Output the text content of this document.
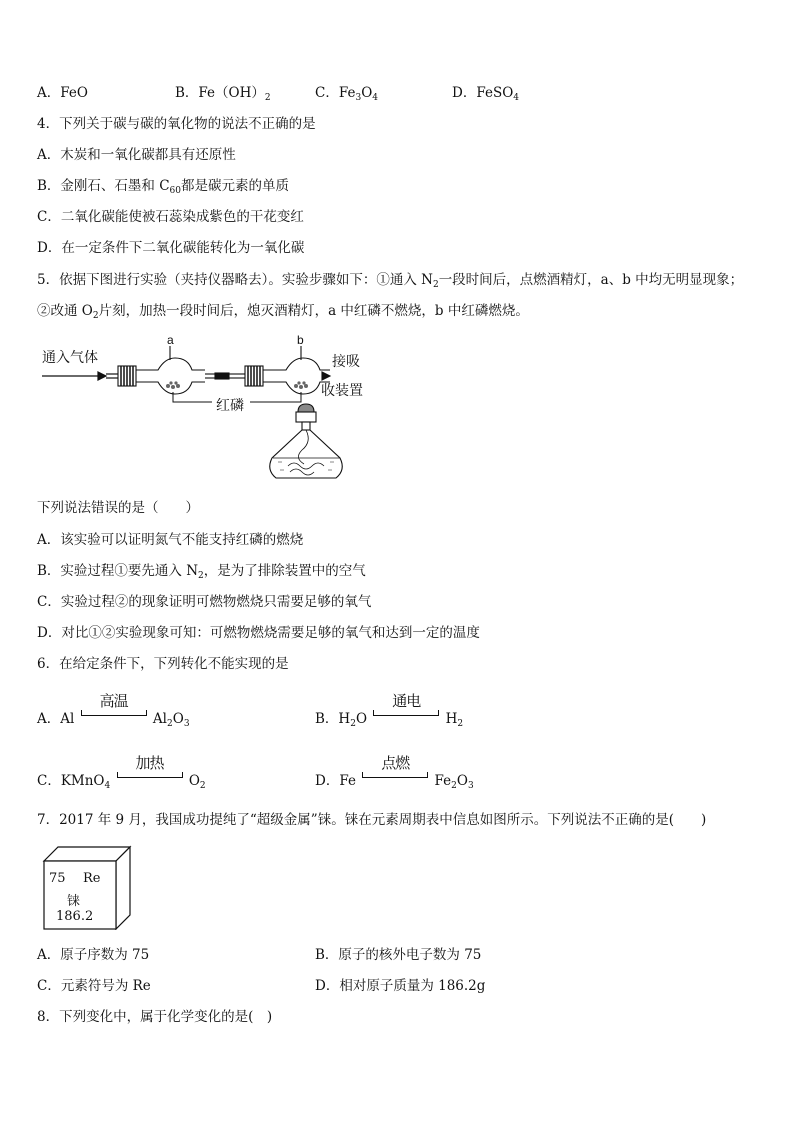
A．FeO	B．$Fe(OH)_2$	C．$Fe_3O_4$	D．FeSO$_4$
4．下列关于碳与碳的氧化物的说法不正确的是
A．木炭和一氧化碳都具有还原性
B．金刚石、石墨和 $C_{60}$都是碳元素的单质
C．二氧化碳能使被石蕊染成紫色的干花变红
D．在一定条件下二氧化碳能转化为一氧化碳
5．依据下图进行实验（夹持仪器略去）。实验步骤如下：①通入 $N_2$一段时间后，点燃酒精灯，a、b 中均无明显现象；
②改通 $O_2$片刻，加热一段时间后，熄灭酒精灯，a 中红磷不燃烧，b 中红磷燃烧。
通入气体
a	b
接吸
收装置
红磷
下列说法错误的是（　　）
A．该实验可以证明氮气不能支持红磷的燃烧
B．实验过程①要先通入 $N_2$，是为了排除装置中的空气
C．实验过程②的现象证明可燃物燃烧只需要足够的氧气
D．对比①②实验现象可知：可燃物燃烧需要足够的氧气和达到一定的温度
6．在给定条件下，下列转化不能实现的是
A．Al
高温
$Al_2O_3$	B．$H_2O$
通电
$H_2$
C．KMnO$_4$
加热
$O_2$	D．Fe
点燃
$Fe_2O_3$
7．2017 年 9 月，我国成功提纯了“超级金属”铼。铼在元素周期表中信息如图所示。下列说法不正确的是(　　)
75 Re
铼
186.2
A．原子序数为 75	B．原子的核外电子数为 75
C．元素符号为 Re	D．相对原子质量为 186.2g
8．下列变化中，属于化学变化的是(　)
